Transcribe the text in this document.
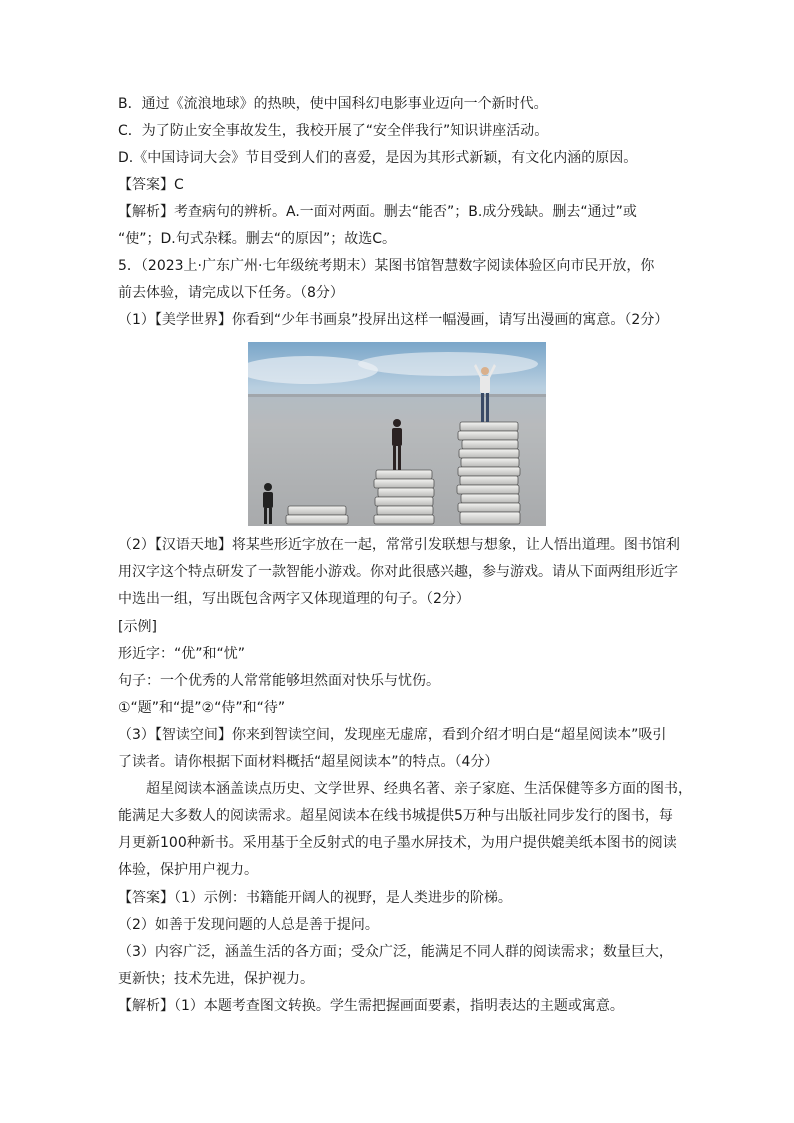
B．通过《流浪地球》的热映，使中国科幻电影事业迈向一个新时代。
C．为了防止安全事故发生，我校开展了“安全伴我行”知识讲座活动。
D.《中国诗词大会》节目受到人们的喜爱，是因为其形式新颖，有文化内涵的原因。
【答案】C
【解析】考查病句的辨析。A.一面对两面。删去“能否”；B.成分残缺。删去“通过”或
“使”；D.句式杂糅。删去“的原因”；故选C。
5．（2023上·广东广州·七年级统考期末）某图书馆智慧数字阅读体验区向市民开放，你
前去体验，请完成以下任务。（8分）
（1）【美学世界】你看到“少年书画泉”投屏出这样一幅漫画，请写出漫画的寓意。（2分）
（2）【汉语天地】将某些形近字放在一起，常常引发联想与想象，让人悟出道理。图书馆利
用汉字这个特点研发了一款智能小游戏。你对此很感兴趣，参与游戏。请从下面两组形近字
中选出一组，写出既包含两字又体现道理的句子。（2分）
[示例]
形近字：“优”和“忧”
句子：一个优秀的人常常能够坦然面对快乐与忧伤。
①“题”和“提”②“侍”和“待”
（3）【智读空间】你来到智读空间，发现座无虚席，看到介绍才明白是“超星阅读本”吸引
了读者。请你根据下面材料概括“超星阅读本”的特点。（4分）
超星阅读本涵盖读点历史、文学世界、经典名著、亲子家庭、生活保健等多方面的图书，
能满足大多数人的阅读需求。超星阅读本在线书城提供5万种与出版社同步发行的图书，每
月更新100种新书。采用基于全反射式的电子墨水屏技术，为用户提供媲美纸本图书的阅读
体验，保护用户视力。
【答案】（1）示例：书籍能开阔人的视野，是人类进步的阶梯。
（2）如善于发现问题的人总是善于提问。
（3）内容广泛，涵盖生活的各方面；受众广泛，能满足不同人群的阅读需求；数量巨大，
更新快；技术先进，保护视力。
【解析】（1）本题考查图文转换。学生需把握画面要素，指明表达的主题或寓意。
